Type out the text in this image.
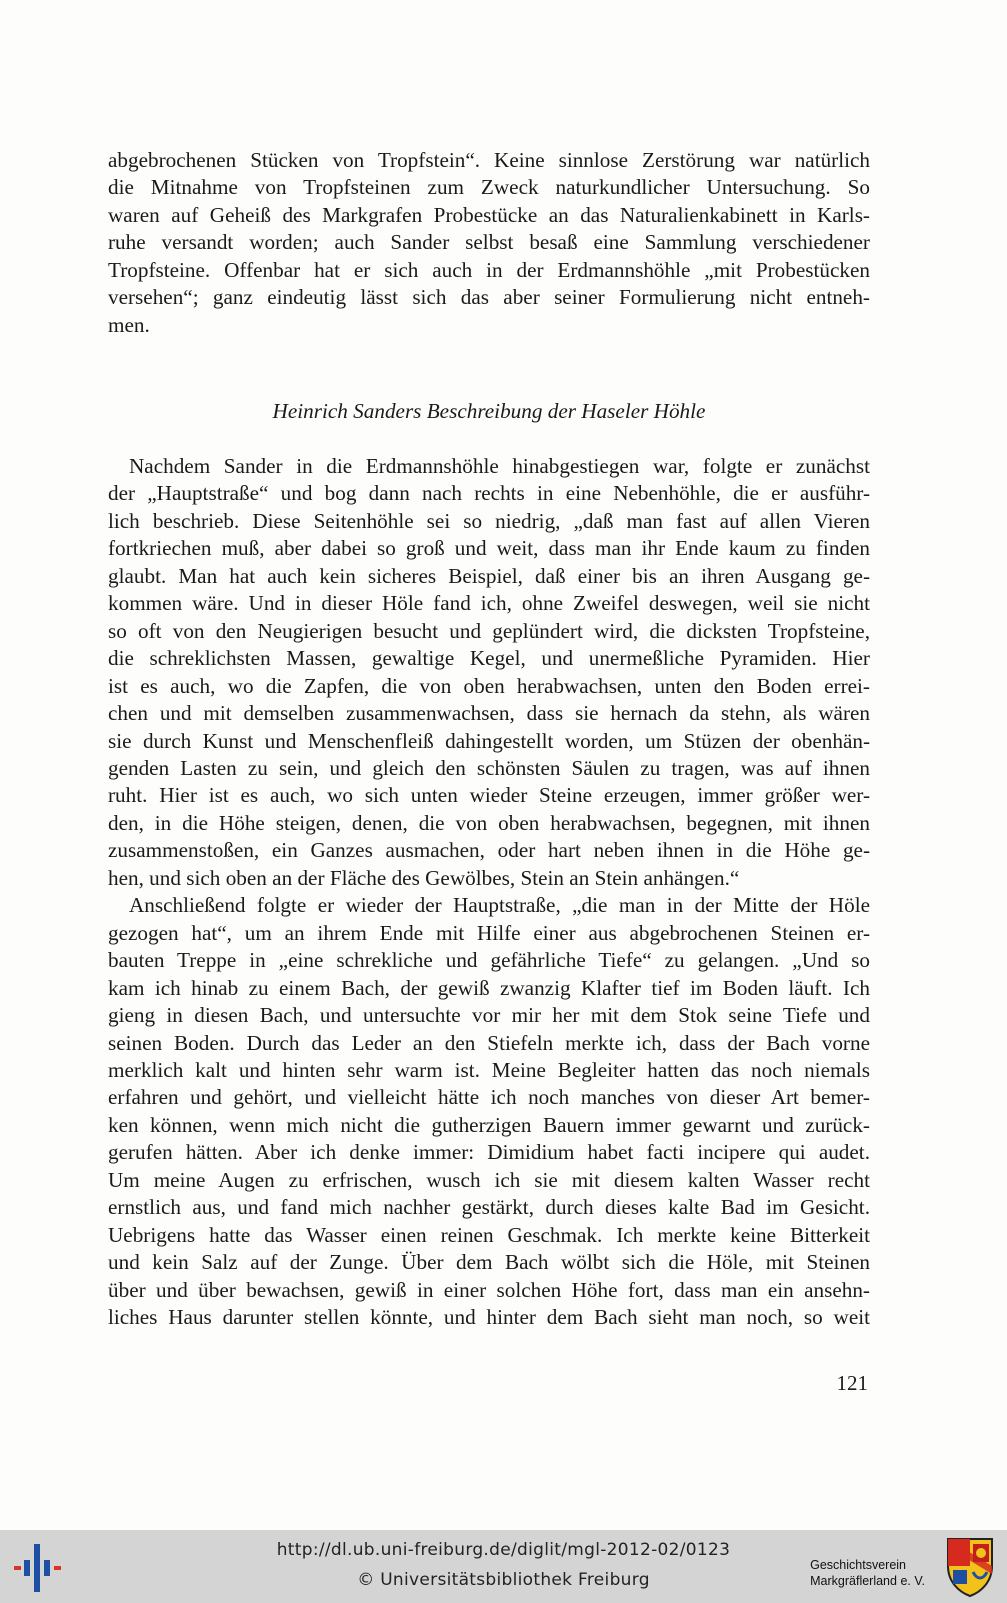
abgebrochenen Stücken von Tropfstein“. Keine sinnlose Zerstörung war natürlich
die Mitnahme von Tropfsteinen zum Zweck naturkundlicher Untersuchung. So
waren auf Geheiß des Markgrafen Probestücke an das Naturalienkabinett in Karls-
ruhe versandt worden; auch Sander selbst besaß eine Sammlung verschiedener
Tropfsteine. Offenbar hat er sich auch in der Erdmannshöhle „mit Probestücken
versehen“; ganz eindeutig lässt sich das aber seiner Formulierung nicht entneh-
men.
Heinrich Sanders Beschreibung der Haseler Höhle
Nachdem Sander in die Erdmannshöhle hinabgestiegen war, folgte er zunächst
der „Hauptstraße“ und bog dann nach rechts in eine Nebenhöhle, die er ausführ-
lich beschrieb. Diese Seitenhöhle sei so niedrig, „daß man fast auf allen Vieren
fortkriechen muß, aber dabei so groß und weit, dass man ihr Ende kaum zu finden
glaubt. Man hat auch kein sicheres Beispiel, daß einer bis an ihren Ausgang ge-
kommen wäre. Und in dieser Höle fand ich, ohne Zweifel deswegen, weil sie nicht
so oft von den Neugierigen besucht und geplündert wird, die dicksten Tropfsteine,
die schreklichsten Massen, gewaltige Kegel, und unermeßliche Pyramiden. Hier
ist es auch, wo die Zapfen, die von oben herabwachsen, unten den Boden errei-
chen und mit demselben zusammenwachsen, dass sie hernach da stehn, als wären
sie durch Kunst und Menschenfleiß dahingestellt worden, um Stüzen der obenhän-
genden Lasten zu sein, und gleich den schönsten Säulen zu tragen, was auf ihnen
ruht. Hier ist es auch, wo sich unten wieder Steine erzeugen, immer größer wer-
den, in die Höhe steigen, denen, die von oben herabwachsen, begegnen, mit ihnen
zusammenstoßen, ein Ganzes ausmachen, oder hart neben ihnen in die Höhe ge-
hen, und sich oben an der Fläche des Gewölbes, Stein an Stein anhängen.“
Anschließend folgte er wieder der Hauptstraße, „die man in der Mitte der Höle
gezogen hat“, um an ihrem Ende mit Hilfe einer aus abgebrochenen Steinen er-
bauten Treppe in „eine schrekliche und gefährliche Tiefe“ zu gelangen. „Und so
kam ich hinab zu einem Bach, der gewiß zwanzig Klafter tief im Boden läuft. Ich
gieng in diesen Bach, und untersuchte vor mir her mit dem Stok seine Tiefe und
seinen Boden. Durch das Leder an den Stiefeln merkte ich, dass der Bach vorne
merklich kalt und hinten sehr warm ist. Meine Begleiter hatten das noch niemals
erfahren und gehört, und vielleicht hätte ich noch manches von dieser Art bemer-
ken können, wenn mich nicht die gutherzigen Bauern immer gewarnt und zurück-
gerufen hätten. Aber ich denke immer: Dimidium habet facti incipere qui audet.
Um meine Augen zu erfrischen, wusch ich sie mit diesem kalten Wasser recht
ernstlich aus, und fand mich nachher gestärkt, durch dieses kalte Bad im Gesicht.
Uebrigens hatte das Wasser einen reinen Geschmak. Ich merkte keine Bitterkeit
und kein Salz auf der Zunge. Über dem Bach wölbt sich die Höle, mit Steinen
über und über bewachsen, gewiß in einer solchen Höhe fort, dass man ein ansehn-
liches Haus darunter stellen könnte, und hinter dem Bach sieht man noch, so weit
121
http://dl.ub.uni-freiburg.de/diglit/mgl-2012-02/0123
© Universitätsbibliothek Freiburg
Geschichtsverein
Markgräflerland e. V.
